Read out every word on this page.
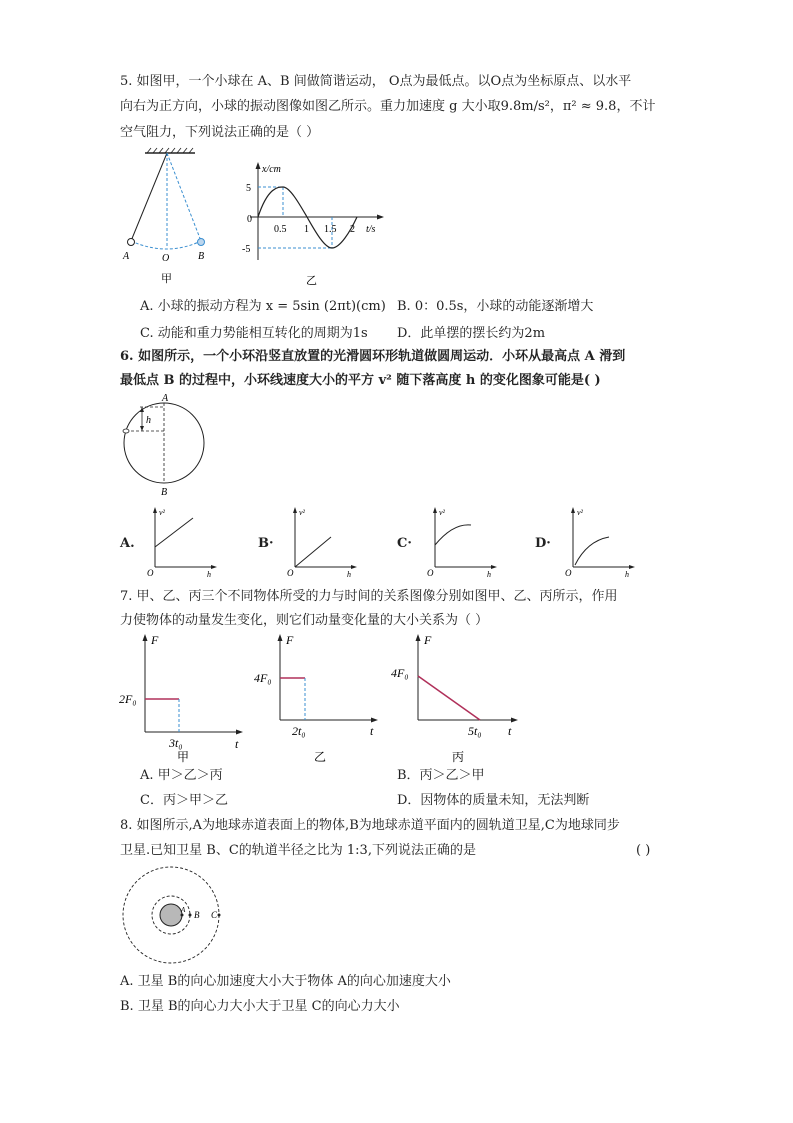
5. 如图甲，一个小球在 A、B 间做简谐运动， O点为最低点。以O点为坐标原点、以水平
向右为正方向，小球的振动图像如图乙所示。重力加速度 g 大小取9.8m/s²，π² ≈ 9.8，不计
空气阻力，下列说法正确的是（ ）
A	O	B
甲
x/cm
t/s
5
0
-5
0.5 1 1.5 2
乙
A. 小球的振动方程为 x = 5sin (2πt)(cm) B. 0：0.5s，小球的动能逐渐增大
C. 动能和重力势能相互转化的周期为1s D．此单摆的摆长约为2m
6. 如图所示，一个小环沿竖直放置的光滑圆环形轨道做圆周运动．小环从最高点 A 滑到
最低点 B 的过程中，小环线速度大小的平方 v² 随下落高度 h 的变化图象可能是( )
A
h
B
A.
v²
O	h
B·
v²
O	h
C·
v²
O	h
D·
v²
O	h
7. 甲、乙、丙三个不同物体所受的力与时间的关系图像分别如图甲、乙、丙所示，作用
力使物体的动量发生变化，则它们动量变化量的大小关系为（ ）
F
t
2F₀
3t₀
甲
F
t
4F₀
2t₀
乙
F
t
4F₀
5t₀
丙
A. 甲＞乙＞丙	B．丙＞乙＞甲
C．丙＞甲＞乙	D．因物体的质量未知，无法判断
8. 如图所示,A为地球赤道表面上的物体,B为地球赤道平面内的圆轨道卫星,C为地球同步
卫星.已知卫星 B、C的轨道半径之比为 1:3,下列说法正确的是	( )
A B C
A. 卫星 B的向心加速度大小大于物体 A的向心加速度大小
B. 卫星 B的向心力大小大于卫星 C的向心力大小
